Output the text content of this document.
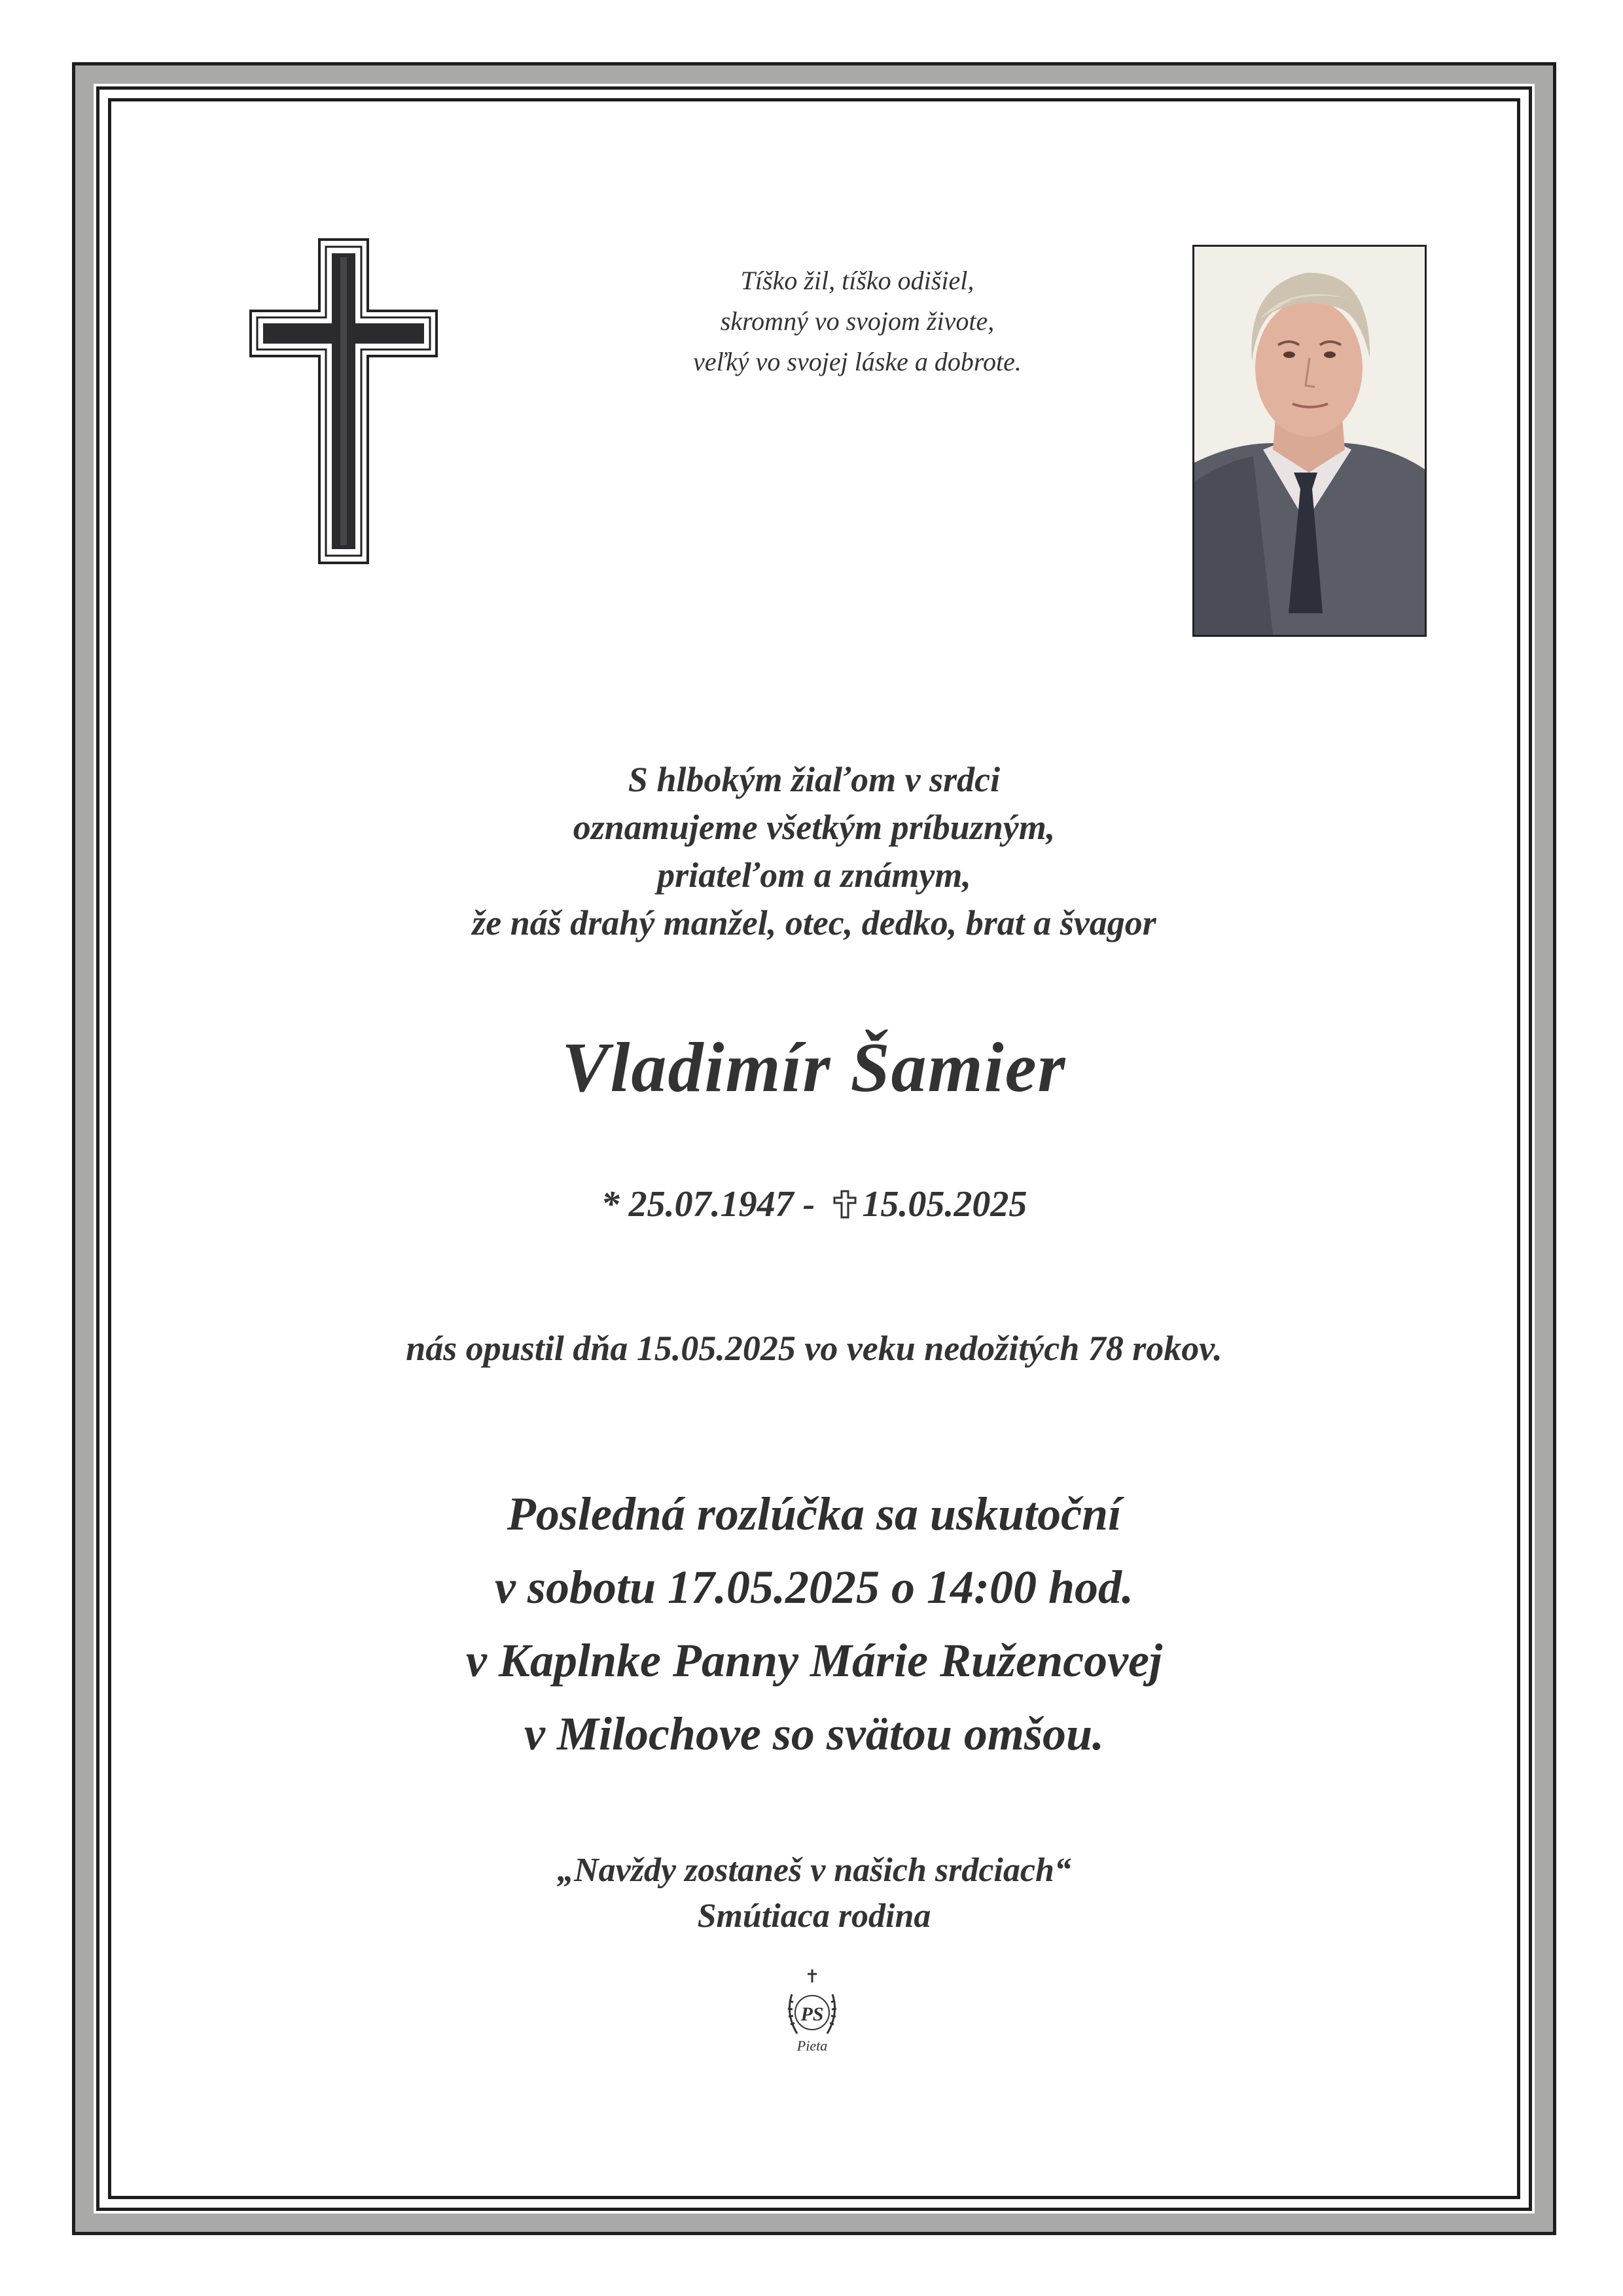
Tíško žil, tíško odišiel,
skromný vo svojom živote,
veľký vo svojej láske a dobrote.
S hlbokým žiaľom v srdci
oznamujeme všetkým príbuzným,
priateľom a známym,
že náš drahý manžel, otec, dedko, brat a švagor
Vladimír Šamier
* 25.07.1947 - 15.05.2025
nás opustil dňa 15.05.2025 vo veku nedožitých 78 rokov.
Posledná rozlúčka sa uskutoční
v sobotu 17.05.2025 o 14:00 hod.
v Kaplnke Panny Márie Ružencovej
v Milochove so svätou omšou.
„Navždy zostaneš v našich srdciach“
Smútiaca rodina
PS
Pieta
